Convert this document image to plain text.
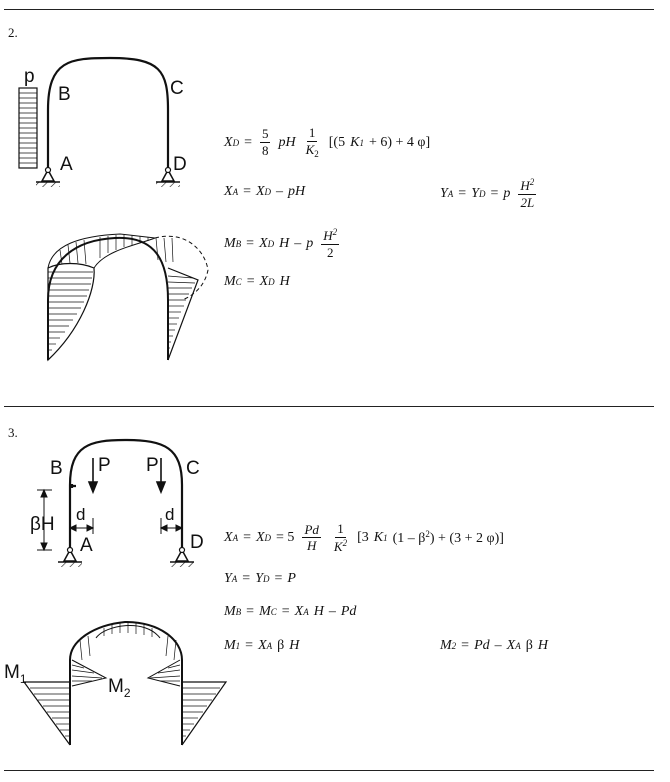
2.
3.
p
B	C
A	D
B P P C
d	d
βH
A	D
$M_1$	$M_2$
X $D = \frac{5}{8}$ pH $\frac{1}{K_2} [(5$ K 1 + 6) + 4 φ]
X A = X D – pH	Y A = Y D = p $\frac{H^2}{2L}$
M B = X D H – p $\frac{H^2}{2}$
M C = X D H
X A = X $D = 5 \frac{Pd}{H} \frac{1}{K^2} [3$ K 1 $(1 - \beta^2) + (3 + 2$ φ)]
Y A = Y D = P
M B = M C = X A H – Pd
M 1 = X A β H	M 2 = Pd – X A β H
